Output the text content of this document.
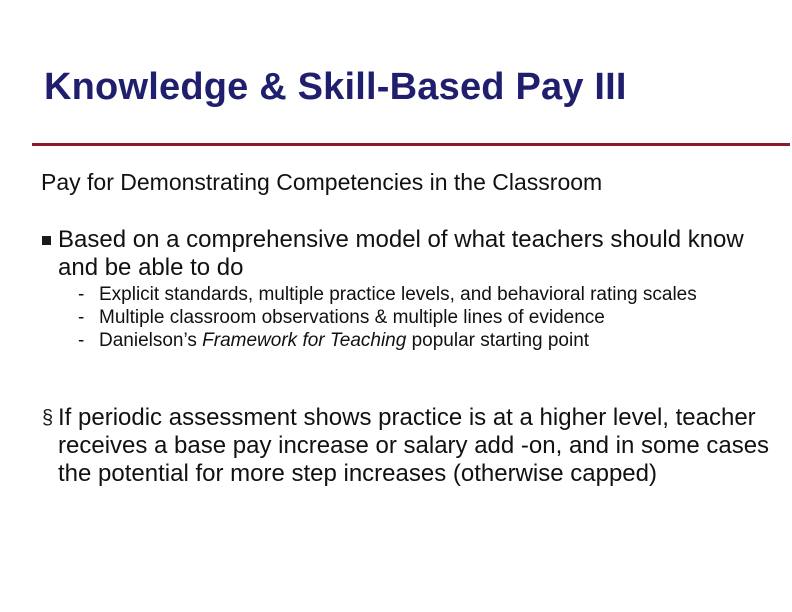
Knowledge & Skill-Based Pay III

Pay for Demonstrating Competencies in the Classroom

Based on a comprehensive model of what teachers should know and be able to do
- Explicit standards, multiple practice levels, and behavioral rating scales
- Multiple classroom observations & multiple lines of evidence
- Danielson’s Framework for Teaching popular starting point
§ If periodic assessment shows practice is at a higher level, teacher receives a base pay increase or salary add -on, and in some cases the potential for more step increases (otherwise capped)
